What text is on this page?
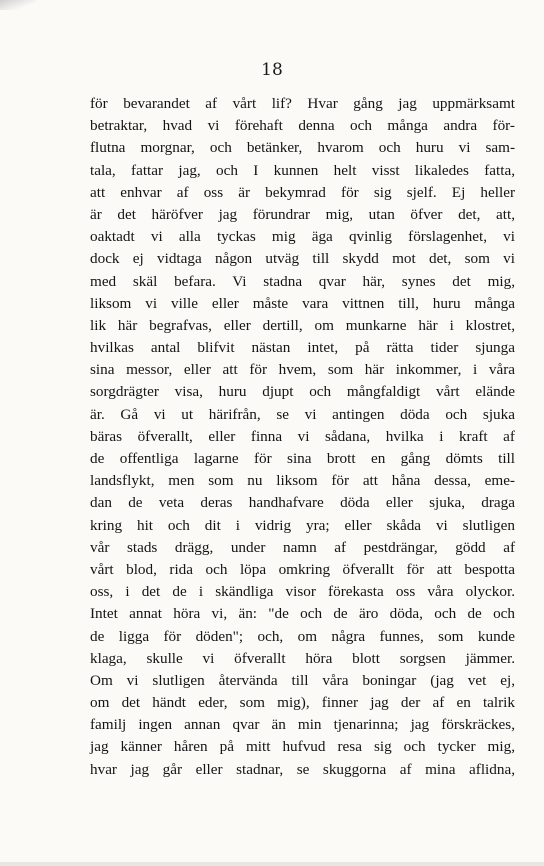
18
för bevarandet af vårt lif? Hvar gång jag uppmärksamt
betraktar, hvad vi förehaft denna och många andra för-
flutna morgnar, och betänker, hvarom och huru vi sam-
tala, fattar jag, och I kunnen helt visst likaledes fatta,
att enhvar af oss är bekymrad för sig sjelf. Ej heller
är det häröfver jag förundrar mig, utan öfver det, att,
oaktadt vi alla tyckas mig äga qvinlig förslagenhet, vi
dock ej vidtaga någon utväg till skydd mot det, som vi
med skäl befara. Vi stadna qvar här, synes det mig,
liksom vi ville eller måste vara vittnen till, huru många
lik här begrafvas, eller dertill, om munkarne här i klostret,
hvilkas antal blifvit nästan intet, på rätta tider sjunga
sina messor, eller att för hvem, som här inkommer, i våra
sorgdrägter visa, huru djupt och mångfaldigt vårt elände
är. Gå vi ut härifrån, se vi antingen döda och sjuka
bäras öfverallt, eller finna vi sådana, hvilka i kraft af
de offentliga lagarne för sina brott en gång dömts till
landsflykt, men som nu liksom för att håna dessa, eme-
dan de veta deras handhafvare döda eller sjuka, draga
kring hit och dit i vidrig yra; eller skåda vi slutligen
vår stads drägg, under namn af pestdrängar, gödd af
vårt blod, rida och löpa omkring öfverallt för att bespotta
oss, i det de i skändliga visor förekasta oss våra olyckor.
Intet annat höra vi, än: "de och de äro döda, och de och
de ligga för döden"; och, om några funnes, som kunde
klaga, skulle vi öfverallt höra blott sorgsen jämmer.
Om vi slutligen återvända till våra boningar (jag vet ej,
om det händt eder, som mig), finner jag der af en talrik
familj ingen annan qvar än min tjenarinna; jag förskräckes,
jag känner håren på mitt hufvud resa sig och tycker mig,
hvar jag går eller stadnar, se skuggorna af mina aflidna,
